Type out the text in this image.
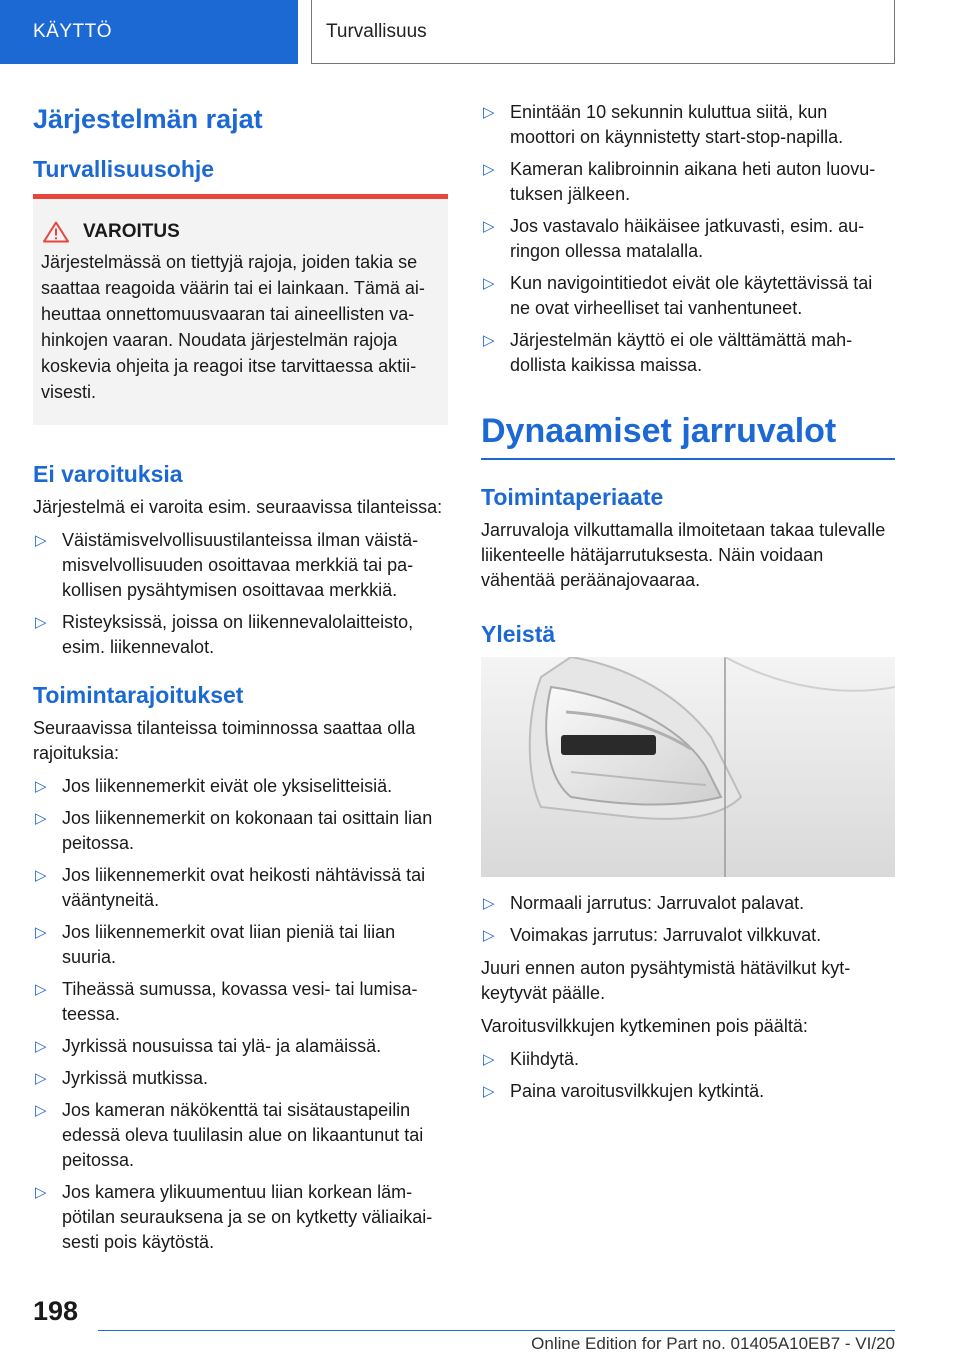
KÄYTTÖ	Turvallisuus
Järjestelmän rajat
Turvallisuusohje
VAROITUS
Järjestelmässä on tiettyjä rajoja, joiden takia se saattaa reagoida väärin tai ei lainkaan. Tämä aiheuttaa onnettomuusvaaran tai aineellisten vahinkojen vaaran. Noudata järjestelmän rajoja koskevia ohjeita ja reagoi itse tarvittaessa aktiivisesti.
Ei varoituksia

Järjestelmä ei varoita esim. seuraavissa tilanteissa:

▷ Väistämisvelvollisuustilanteissa ilman väistämisvelvollisuuden osoittavaa merkkiä tai pakollisen pysähtymisen osoittavaa merkkiä.
▷ Risteyksissä, joissa on liikennevalolaitteisto, esim. liikennevalot.
Toimintarajoitukset

Seuraavissa tilanteissa toiminnossa saattaa olla rajoituksia:

▷ Jos liikennemerkit eivät ole yksiselitteisiä.
▷ Jos liikennemerkit on kokonaan tai osittain lian peitossa.
▷ Jos liikennemerkit ovat heikosti nähtävissä tai vääntyneitä.
▷ Jos liikennemerkit ovat liian pieniä tai liian suuria.
▷ Tiheässä sumussa, kovassa vesi- tai lumisateessa.
▷ Jyrkissä nousuissa tai ylä- ja alamäissä.
▷ Jyrkissä mutkissa.
▷ Jos kameran näkökenttä tai sisätaustapeilin edessä oleva tuulilasin alue on likaantunut tai peitossa.
▷ Jos kamera ylikuumentuu liian korkean lämpötilan seurauksena ja se on kytketty väliaikaisesti pois käytöstä.
▷ Enintään 10 sekunnin kuluttua siitä, kun moottori on käynnistetty start-stop-napilla.
▷ Kameran kalibroinnin aikana heti auton luovutuksen jälkeen.
▷ Jos vastavalo häikäisee jatkuvasti, esim. auringon ollessa matalalla.
▷ Kun navigointitiedot eivät ole käytettävissä tai ne ovat virheelliset tai vanhentuneet.
▷ Järjestelmän käyttö ei ole välttämättä mahdollista kaikissa maissa.
Dynaamiset jarruvalot
Toimintaperiaate

Jarruvaloja vilkuttamalla ilmoitetaan takaa tulevalle liikenteelle hätäjarrutuksesta. Näin voidaan vähentää peräänajovaaraa.

Yleistä
▷ Normaali jarrutus: Jarruvalot palavat.
▷ Voimakas jarrutus: Jarruvalot vilkkuvat.

Juuri ennen auton pysähtymistä hätävilkut kytkeytyvät päälle.

Varoitusvilkkujen kytkeminen pois päältä:

▷ Kiihdytä.
▷ Paina varoitusvilkkujen kytkintä.
198
Online Edition for Part no. 01405A10EB7 - VI/20
